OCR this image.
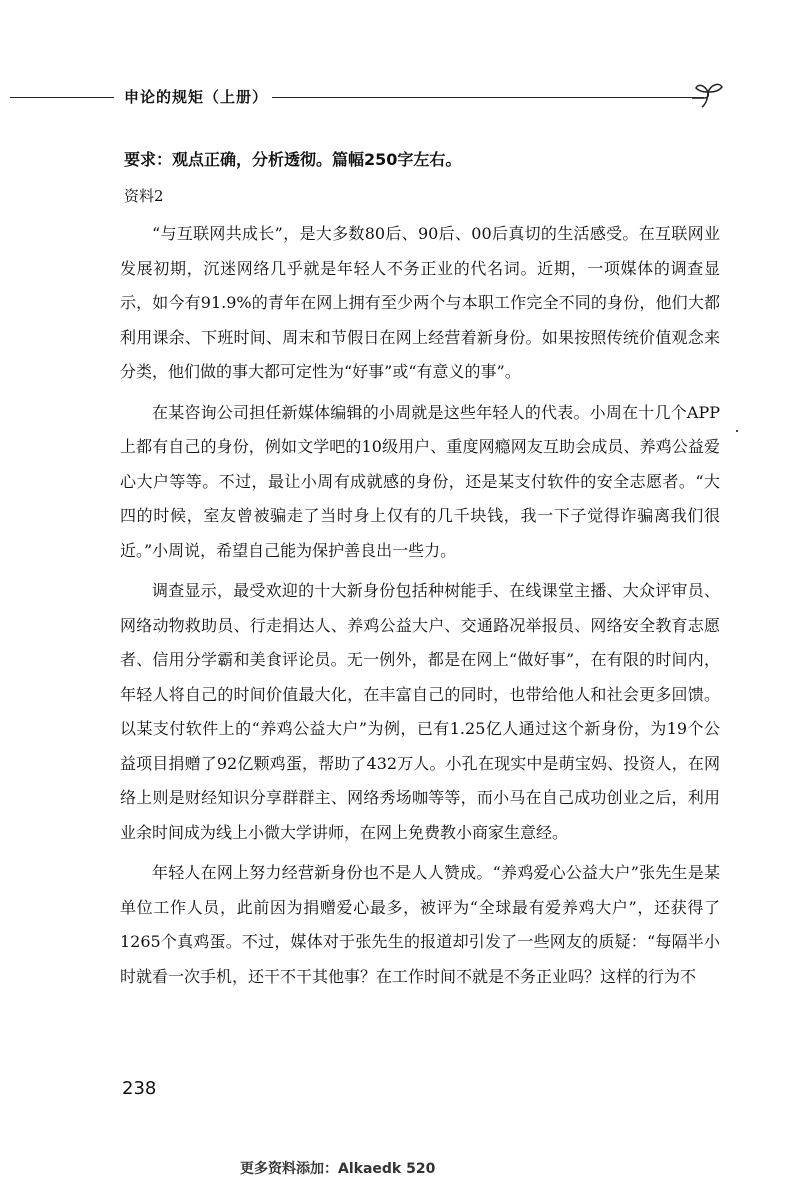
申论的规矩（上册）

要求：观点正确，分析透彻。篇幅250字左右。

资料2

“与互联网共成长”，是大多数80后、90后、00后真切的生活感受。在互联网业发展初期，沉迷网络几乎就是年轻人不务正业的代名词。近期，一项媒体的调查显示，如今有91.9%的青年在网上拥有至少两个与本职工作完全不同的身份，他们大都利用课余、下班时间、周末和节假日在网上经营着新身份。如果按照传统价值观念来分类，他们做的事大都可定性为“好事”或“有意义的事”。

在某咨询公司担任新媒体编辑的小周就是这些年轻人的代表。小周在十几个APP上都有自己的身份，例如文学吧的10级用户、重度网瘾网友互助会成员、养鸡公益爱心大户等等。不过，最让小周有成就感的身份，还是某支付软件的安全志愿者。“大四的时候，室友曾被骗走了当时身上仅有的几千块钱，我一下子觉得诈骗离我们很近。”小周说，希望自己能为保护善良出一些力。

调查显示，最受欢迎的十大新身份包括种树能手、在线课堂主播、大众评审员、网络动物救助员、行走捐达人、养鸡公益大户、交通路况举报员、网络安全教育志愿者、信用分学霸和美食评论员。无一例外，都是在网上“做好事”，在有限的时间内，年轻人将自己的时间价值最大化，在丰富自己的同时，也带给他人和社会更多回馈。以某支付软件上的“养鸡公益大户”为例，已有1.25亿人通过这个新身份，为19个公益项目捐赠了92亿颗鸡蛋，帮助了432万人。小孔在现实中是萌宝妈、投资人，在网络上则是财经知识分享群群主、网络秀场咖等等，而小马在自己成功创业之后，利用业余时间成为线上小微大学讲师，在网上免费教小商家生意经。

年轻人在网上努力经营新身份也不是人人赞成。“养鸡爱心公益大户”张先生是某单位工作人员，此前因为捐赠爱心最多，被评为“全球最有爱养鸡大户”，还获得了1265个真鸡蛋。不过，媒体对于张先生的报道却引发了一些网友的质疑：“每隔半小时就看一次手机，还干不干其他事？在工作时间不就是不务正业吗？这样的行为不

238
更多资料添加：Alkaedk 520
